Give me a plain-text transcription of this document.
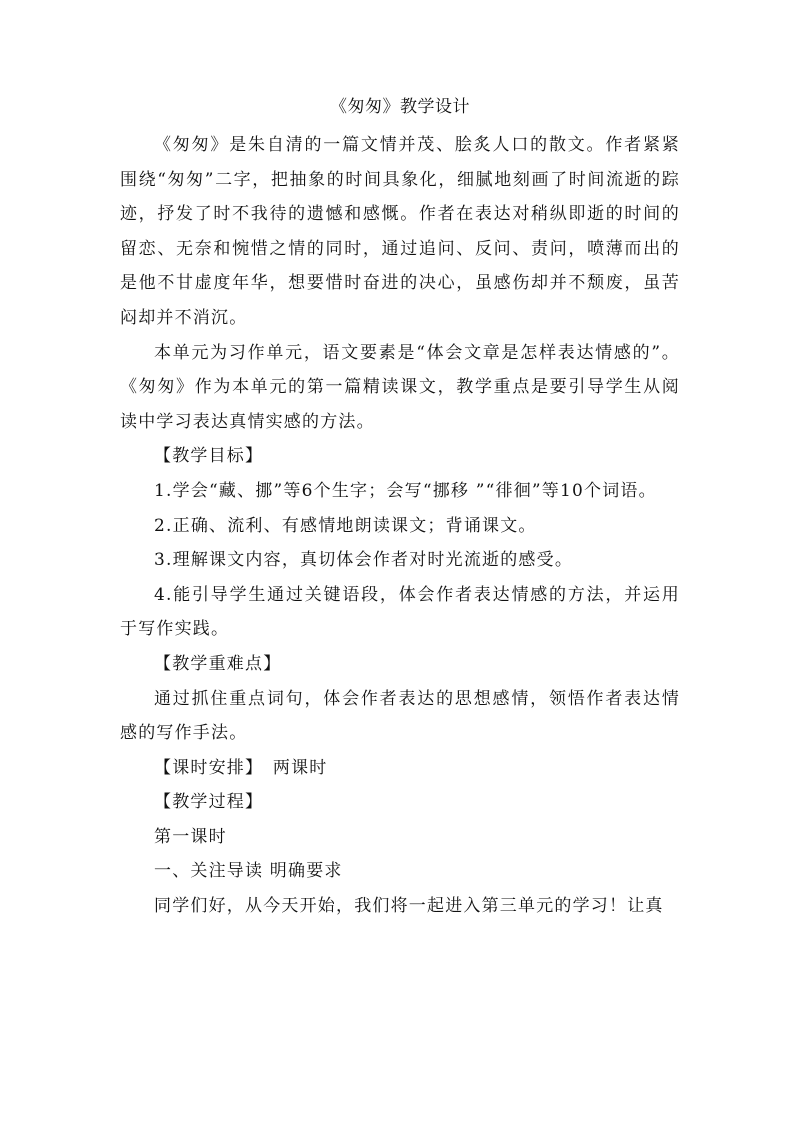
《匆匆》教学设计

《匆匆》是朱自清的一篇文情并茂、脍炙人口的散文。作者紧紧围绕“匆匆”二字，把抽象的时间具象化，细腻地刻画了时间流逝的踪迹，抒发了时不我待的遗憾和感慨。作者在表达对稍纵即逝的时间的留恋、无奈和惋惜之情的同时，通过追问、反问、责问，喷薄而出的是他不甘虚度年华，想要惜时奋进的决心，虽感伤却并不颓废，虽苦闷却并不消沉。

本单元为习作单元，语文要素是“体会文章是怎样表达情感的”。《匆匆》作为本单元的第一篇精读课文，教学重点是要引导学生从阅读中学习表达真情实感的方法。

【教学目标】

1.学会“藏、挪”等6个生字；会写“挪移 ”“徘徊”等10个词语。

2.正确、流利、有感情地朗读课文；背诵课文。

3.理解课文内容，真切体会作者对时光流逝的感受。

4.能引导学生通过关键语段，体会作者表达情感的方法，并运用于写作实践。

【教学重难点】

通过抓住重点词句，体会作者表达的思想感情，领悟作者表达情感的写作手法。

【课时安排】　两课时

【教学过程】

第一课时

一、关注导读 明确要求

同学们好，从今天开始，我们将一起进入第三单元的学习！让真
